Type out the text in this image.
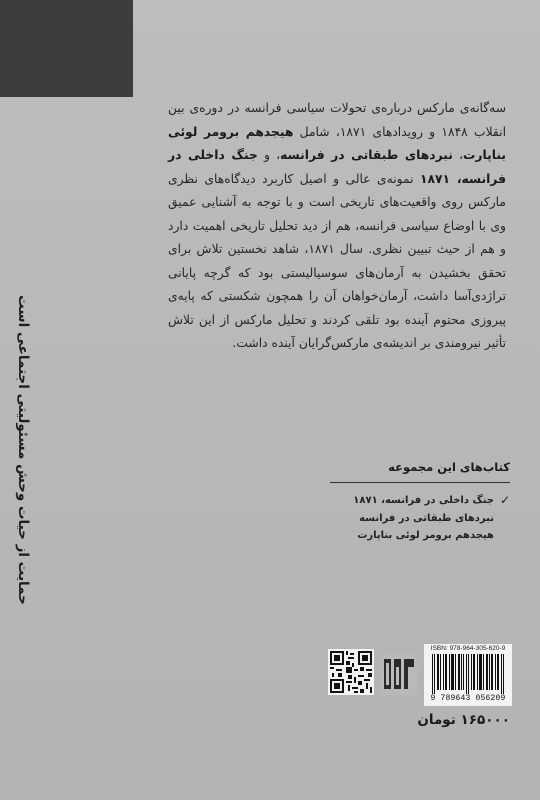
حمایت از حیات وحش مسئولیتی اجتماعی است
سه‌گانه‌ی مارکس درباره‌ی تحولات سیاسی فرانسه در دوره‌ی بین انقلاب ۱۸۴۸ و رویدادهای ۱۸۷۱، شامل هیجدهم برومر لوئی بناپارت، نبردهای طبقاتی در فرانسه، و جنگ داخلی در فرانسه، ۱۸۷۱ نمونه‌ی عالی و اصیل کاربرد دیدگاه‌های نظری مارکس روی واقعیت‌های تاریخی است و با توجه به آشنایی عمیق وی با اوضاع سیاسی فرانسه، هم از دید تحلیل تاریخی اهمیت دارد و هم از حیث تبیین نظری. سال ۱۸۷۱، شاهد نخستین تلاش برای تحقق بخشیدن به آرمان‌های سوسیالیستی بود که گرچه پایانی تراژدی‌آسا داشت، آرمان‌خواهان آن را همچون شکستی که پایه‌ی پیروزی محتوم آینده بود تلقی کردند و تحلیل مارکس از این تلاش تأثیر نیرومندی بر اندیشه‌ی مارکس‌گرایان آینده داشت.
کتاب‌های این مجموعه
✓
جنگ داخلی در فرانسه، ۱۸۷۱
نبردهای طبقاتی در فرانسه
هیجدهم برومر لوئی بناپارت
ISBN: 978-964-305-620-9
9 789643 056209
۱۶۵۰۰۰ تومان
